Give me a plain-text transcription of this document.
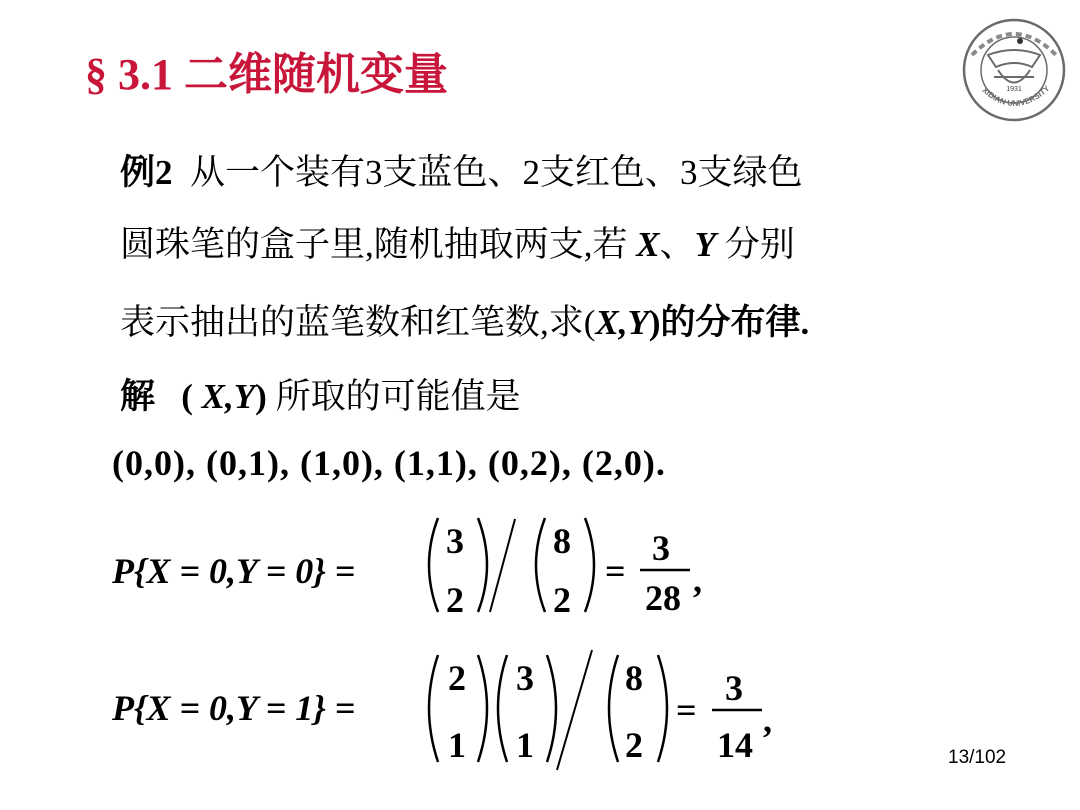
§ 3.1 二维随机变量	1931
XIDIAN UNIVERSITY
例2 从一个装有3支蓝色、2支红色、3支绿色
圆珠笔的盒子里,随机抽取两支,若 X、Y 分别
表示抽出的蓝笔数和红笔数,求(X,Y)的分布律.
解 ( X,Y) 所取的可能值是
(0,0), (0,1), (1,0), (1,1), (0,2), (2,0).
P{X = 0,Y = 0} =
3
2
8
2
=
3
28 ,
P{X = 0,Y = 1} =
2
1
3
1
8
2
=
3
14
,
13/102
